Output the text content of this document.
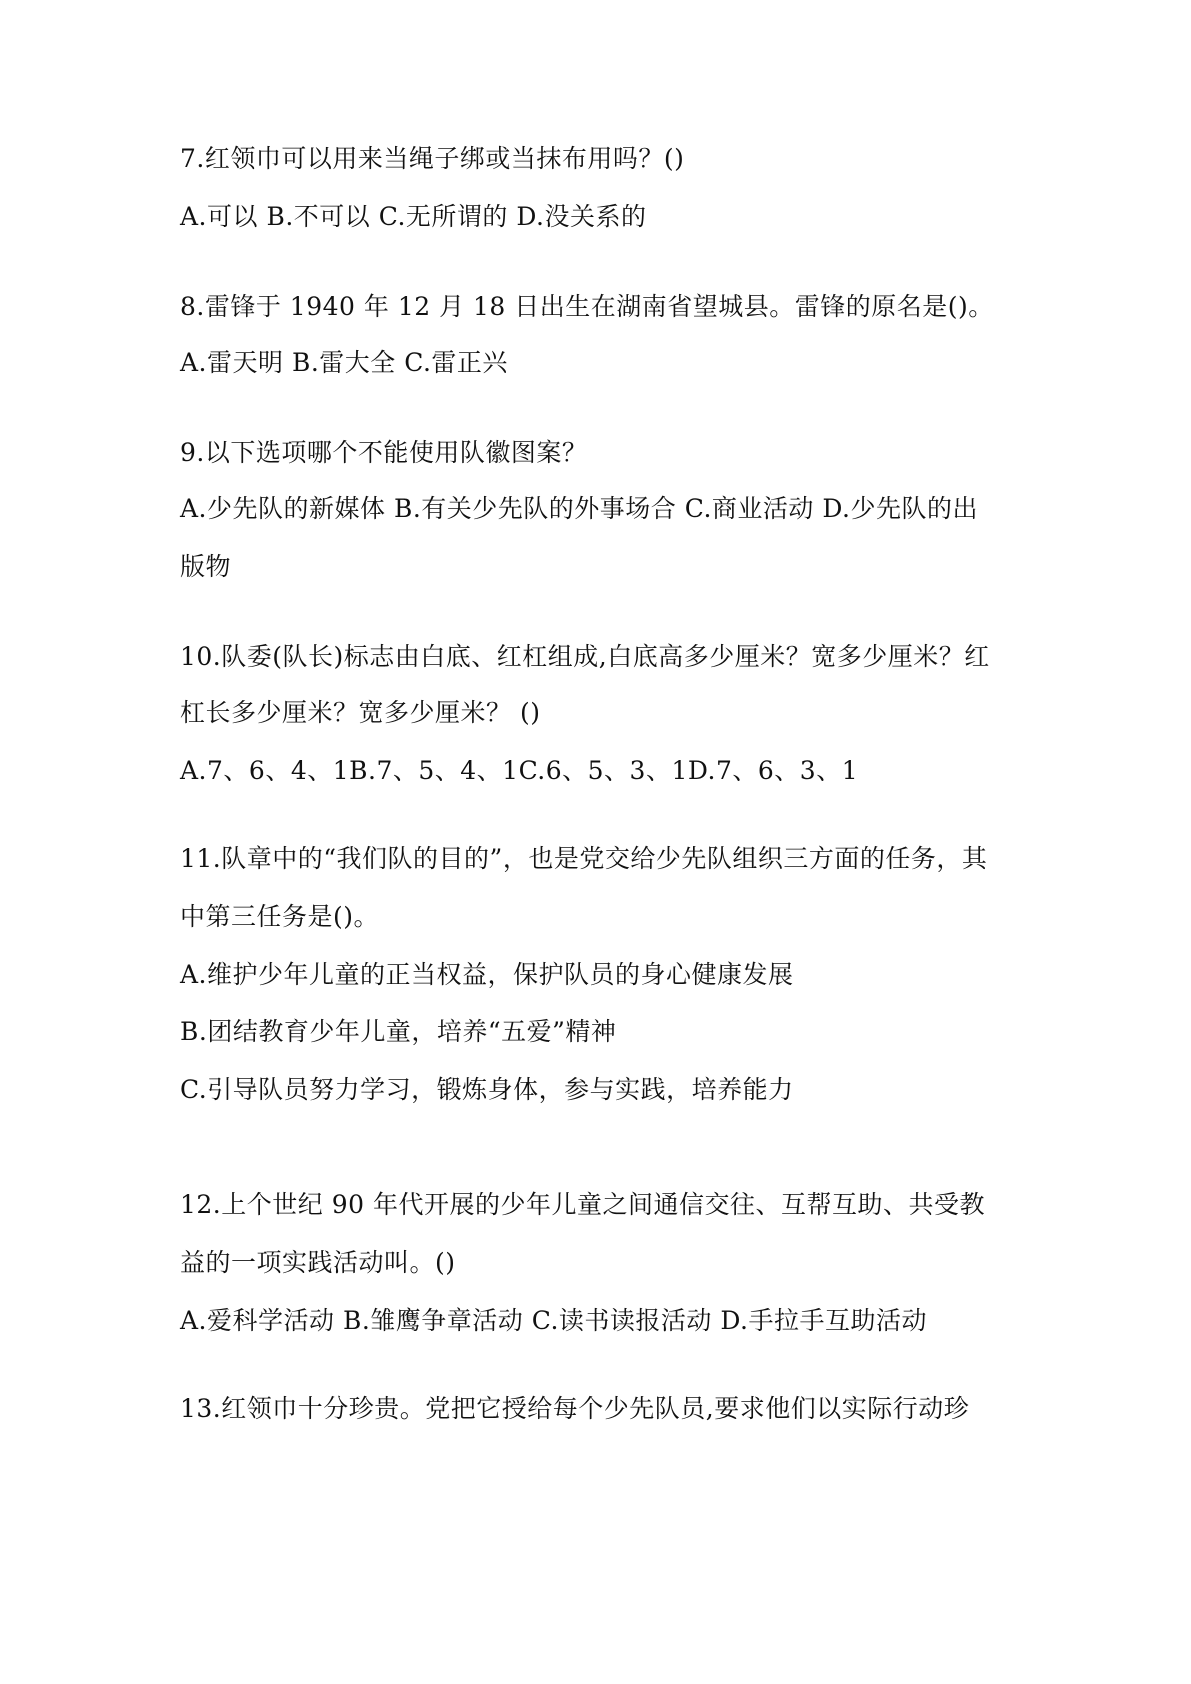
7.红领巾可以用来当绳子绑或当抹布用吗？()
A.可以 B.不可以 C.无所谓的 D.没关系的
8.雷锋于 1940 年 12 月 18 日出生在湖南省望城县。雷锋的原名是()。
A.雷天明 B.雷大全 C.雷正兴
9.以下选项哪个不能使用队徽图案？
A.少先队的新媒体 B.有关少先队的外事场合 C.商业活动 D.少先队的出
版物
10.队委(队长)标志由白底、红杠组成,白底高多少厘米？宽多少厘米？红
杠长多少厘米？宽多少厘米？ ()
A.7、6、4、1B.7、5、4、1C.6、5、3、1D.7、6、3、1
11.队章中的“我们队的目的”，也是党交给少先队组织三方面的任务，其
中第三任务是()。
A.维护少年儿童的正当权益，保护队员的身心健康发展
B.团结教育少年儿童，培养“五爱”精神
C.引导队员努力学习，锻炼身体，参与实践，培养能力
12.上个世纪 90 年代开展的少年儿童之间通信交往、互帮互助、共受教
益的一项实践活动叫。()
A.爱科学活动 B.雏鹰争章活动 C.读书读报活动 D.手拉手互助活动
13.红领巾十分珍贵。党把它授给每个少先队员,要求他们以实际行动珍
